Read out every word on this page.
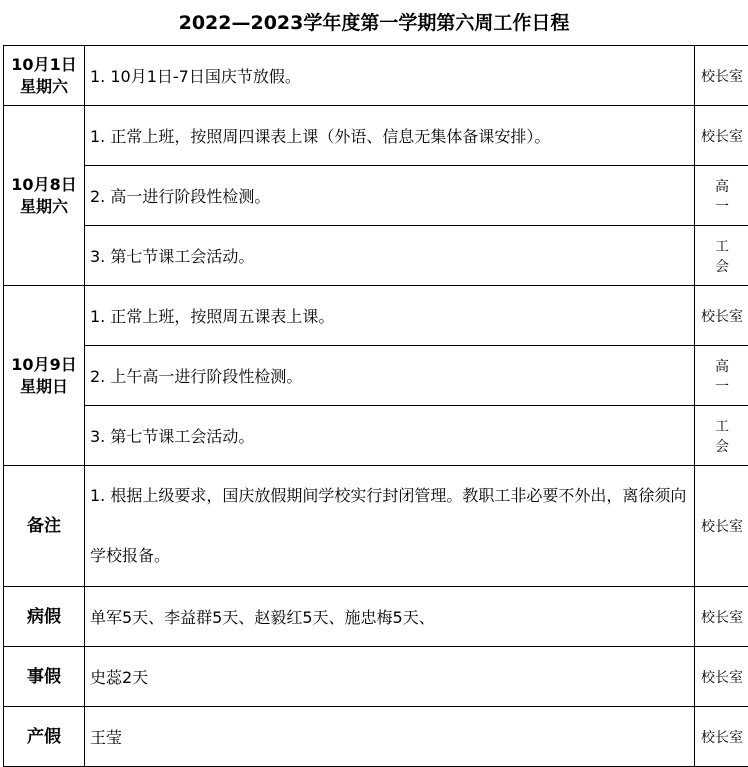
2022—2023学年度第一学期第六周工作日程
10月1日
星期六	1. 10月1日-7日国庆节放假。	校长室

10月8日
星期六	1. 正常上班，按照周四课表上课（外语、信息无集体备课安排）。	校长室
	2. 高一进行阶段性检测。	高一
	3. 第七节课工会活动。	工会

10月9日
星期日	1. 正常上班，按照周五课表上课。	校长室
	2. 上午高一进行阶段性检测。	高一
	3. 第七节课工会活动。	工会
备注	1. 根据上级要求，国庆放假期间学校实行封闭管理。教职工非必要不外出，离徐须向学校报备。	校长室
病假	单军5天、李益群5天、赵毅红5天、施忠梅5天、	校长室
事假	史蕊2天	校长室
产假	王莹	校长室
